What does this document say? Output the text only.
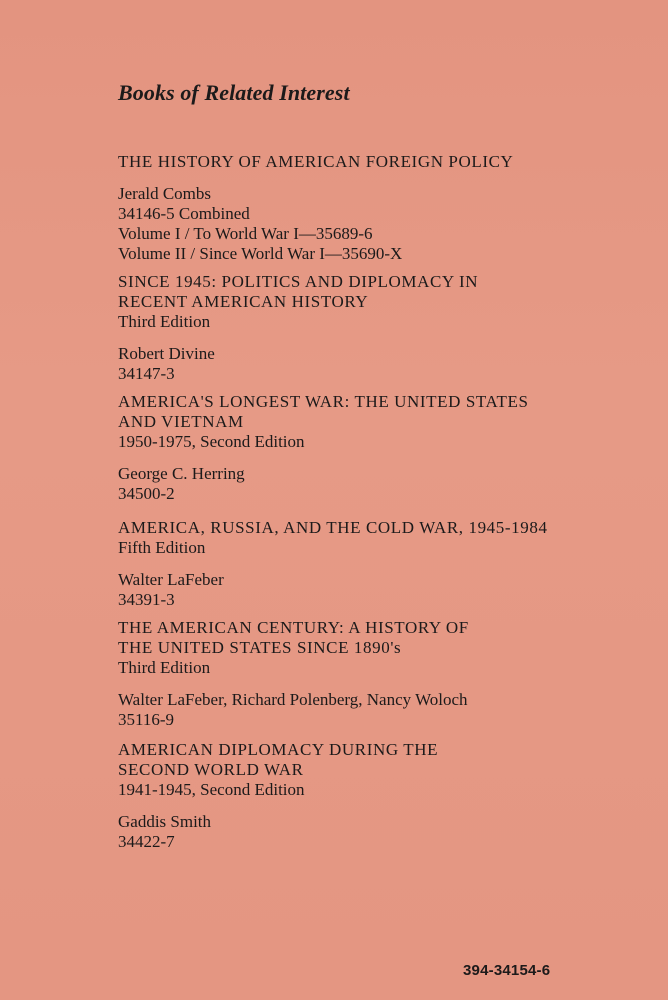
Books of Related Interest
THE HISTORY OF AMERICAN FOREIGN POLICY
Jerald Combs
34146-5 Combined
Volume I / To World War I—35689-6
Volume II / Since World War I—35690-X
SINCE 1945: POLITICS AND DIPLOMACY IN
RECENT AMERICAN HISTORY
Third Edition
Robert Divine
34147-3
AMERICA'S LONGEST WAR: THE UNITED STATES
AND VIETNAM
1950-1975, Second Edition
George C. Herring
34500-2
AMERICA, RUSSIA, AND THE COLD WAR, 1945-1984
Fifth Edition
Walter LaFeber
34391-3
THE AMERICAN CENTURY: A HISTORY OF
THE UNITED STATES SINCE 1890's
Third Edition
Walter LaFeber, Richard Polenberg, Nancy Woloch
35116-9
AMERICAN DIPLOMACY DURING THE
SECOND WORLD WAR
1941-1945, Second Edition
Gaddis Smith
34422-7
394-34154-6
